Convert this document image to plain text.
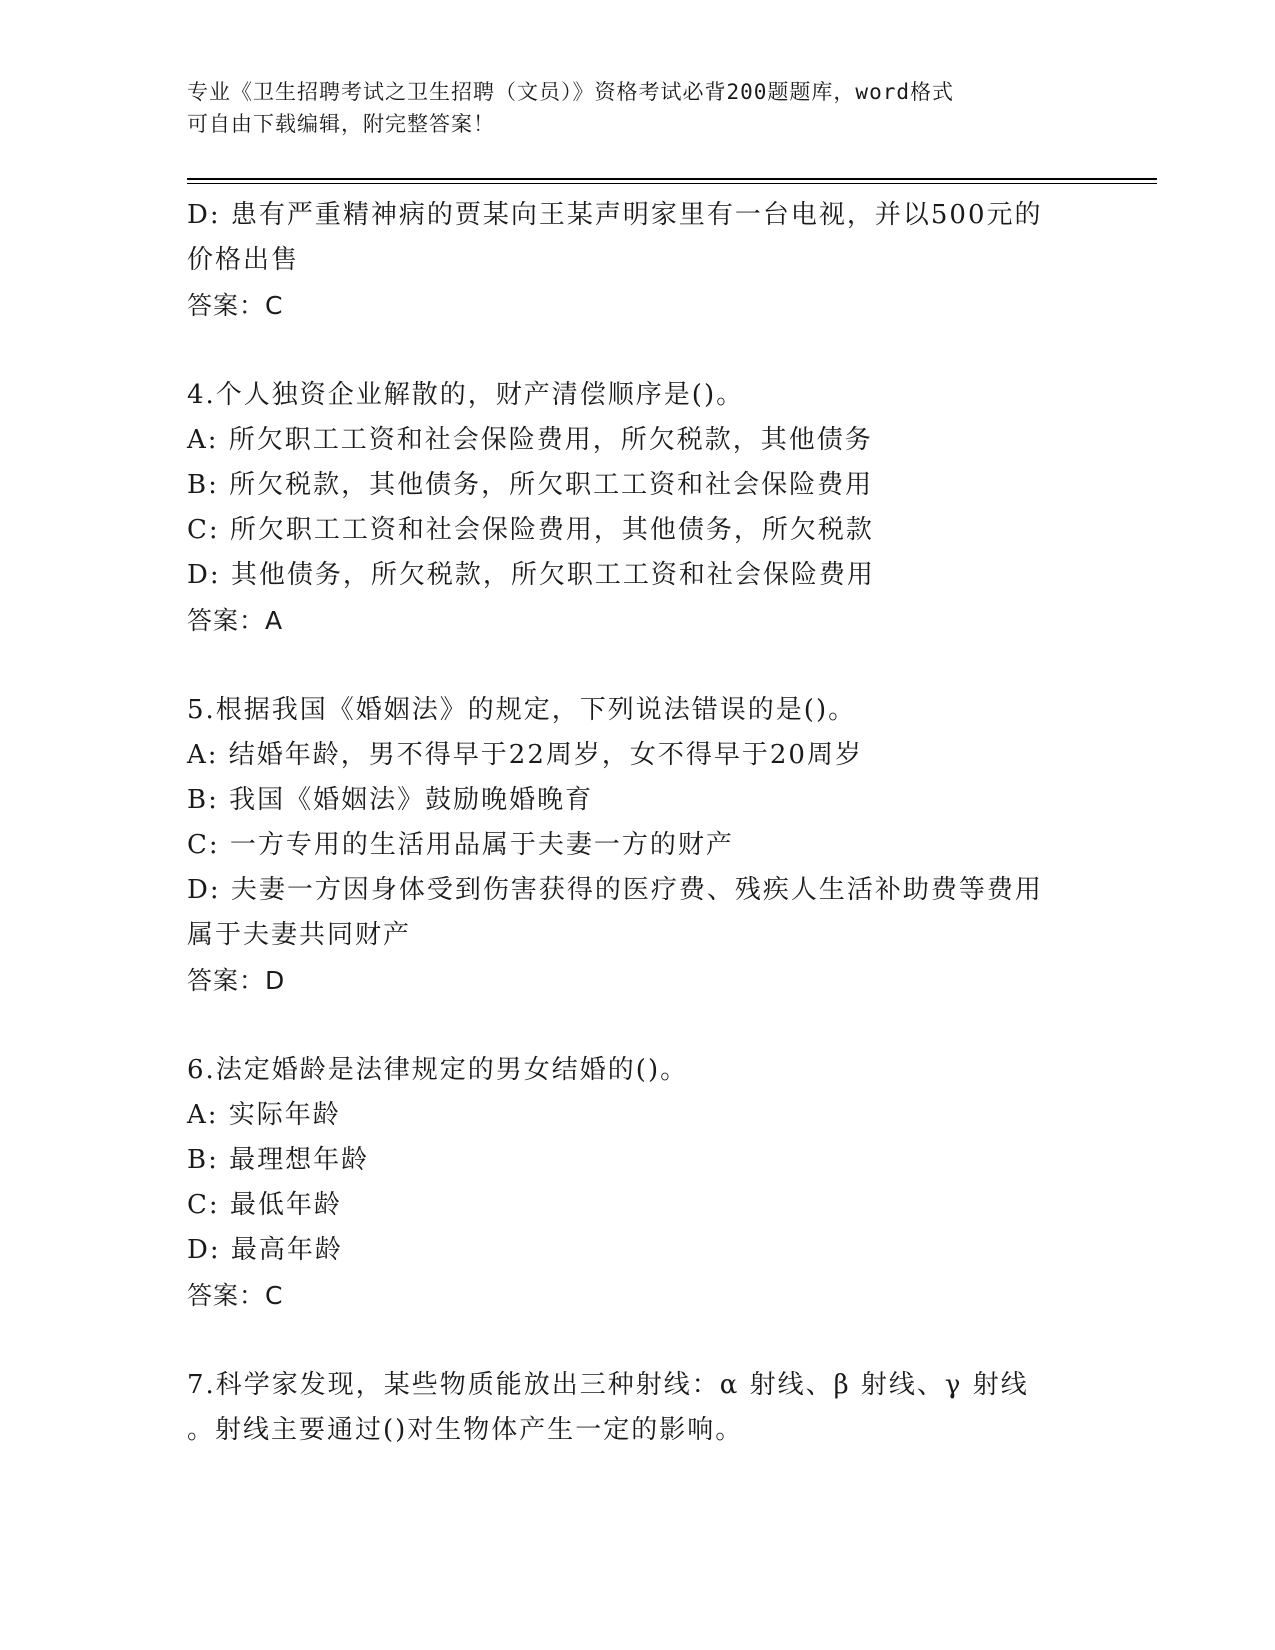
专业《卫生招聘考试之卫生招聘（文员）》资格考试必背200题题库，word格式
可自由下载编辑，附完整答案！
D: 患有严重精神病的贾某向王某声明家里有一台电视，并以500元的
价格出售
答案：C
4.个人独资企业解散的，财产清偿顺序是()。
A: 所欠职工工资和社会保险费用，所欠税款，其他债务
B: 所欠税款，其他债务，所欠职工工资和社会保险费用
C: 所欠职工工资和社会保险费用，其他债务，所欠税款
D: 其他债务，所欠税款，所欠职工工资和社会保险费用
答案：A
5.根据我国《婚姻法》的规定，下列说法错误的是()。
A: 结婚年龄，男不得早于22周岁，女不得早于20周岁
B: 我国《婚姻法》鼓励晚婚晚育
C: 一方专用的生活用品属于夫妻一方的财产
D: 夫妻一方因身体受到伤害获得的医疗费、残疾人生活补助费等费用
属于夫妻共同财产
答案：D
6.法定婚龄是法律规定的男女结婚的()。
A: 实际年龄
B: 最理想年龄
C: 最低年龄
D: 最高年龄
答案：C
7.科学家发现，某些物质能放出三种射线：α 射线、β 射线、γ 射线
。射线主要通过()对生物体产生一定的影响。
